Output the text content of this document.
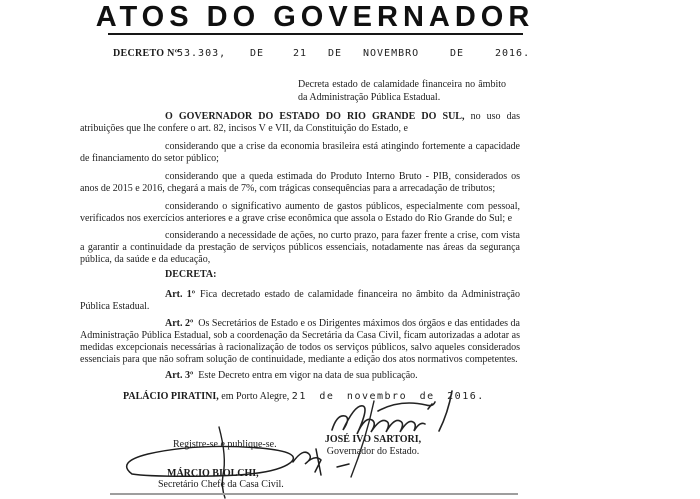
ATOS DO GOVERNADOR
DECRETO Nº
53.303, DE	21 DE NOVEMBRO	DE	2016.
Decreta estado de calamidade financeira no âmbito da Administração Pública Estadual.
O GOVERNADOR DO ESTADO DO RIO GRANDE DO SUL, no uso das atribuições que lhe confere o art. 82, incisos V e VII, da Constituição do Estado, e
considerando que a crise da economia brasileira está atingindo fortemente a capacidade de financiamento do setor público;
considerando que a queda estimada do Produto Interno Bruto - PIB, considerados os anos de 2015 e 2016, chegará a mais de 7%, com trágicas consequências para a arrecadação de tributos;
considerando o significativo aumento de gastos públicos, especialmente com pessoal, verificados nos exercícios anteriores e a grave crise econômica que assola o Estado do Rio Grande do Sul; e
considerando a necessidade de ações, no curto prazo, para fazer frente a crise, com vista a garantir a continuidade da prestação de serviços públicos essenciais, notadamente nas áreas da segurança pública, da saúde e da educação,
DECRETA:
Art. 1º Fica decretado estado de calamidade financeira no âmbito da Administração Pública Estadual.
Art. 2º Os Secretários de Estado e os Dirigentes máximos dos órgãos e das entidades da Administração Pública Estadual, sob a coordenação da Secretária da Casa Civil, ficam autorizadas a adotar as medidas excepcionais necessárias à racionalização de todos os serviços públicos, salvo aqueles considerados essenciais para que não sofram solução de continuidade, mediante a edição dos atos normativos competentes.
Art. 3º Este Decreto entra em vigor na data de sua publicação.
PALÁCIO PIRATINI, em Porto Alegre, 21 de novembro de 2016.
JOSÉ IVO SARTORI,
Governador do Estado.
Registre-se e publique-se.
MÁRCIO BIOLCHI,
Secretário Chefe da Casa Civil.
